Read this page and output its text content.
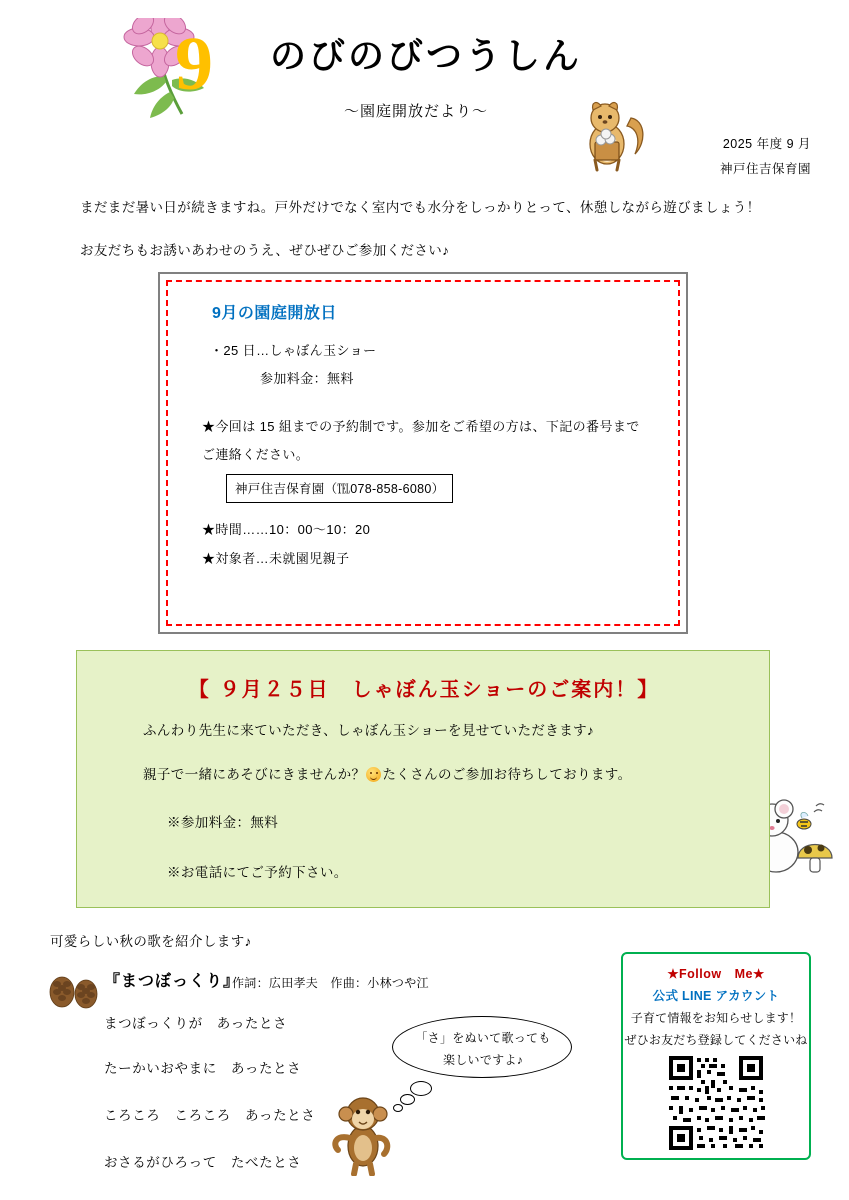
9 のびのびつうしん
〜園庭開放だより〜
2025 年度 9 月
神戸住吉保育園
まだまだ暑い日が続きますね。戸外だけでなく室内でも水分をしっかりとって、休憩しながら遊びましょう！
お友だちもお誘いあわせのうえ、ぜひぜひご参加ください♪
9月の園庭開放日
・25 日…しゃぼん玉ショー
参加料金：無料
★今回は 15 組までの予約制です。参加をご希望の方は、下記の番号まで
ご連絡ください。
神戸住吉保育園（℡078-858-6080）
★時間……10：00〜10：20
★対象者…未就園児親子
【 ９月２５日　しゃぼん玉ショーのご案内！】
ふんわり先生に来ていただき、しゃぼん玉ショーを見せていただきます♪
親子で一緒にあそびにきませんか？ たくさんのご参加お待ちしております。
※参加料金：無料
※お電話にてご予約下さい。
可愛らしい秋の歌を紹介します♪
『まつぼっくり』
作詞：広田孝夫　作曲：小林つや江
まつぼっくりが　あったとさ
たーかいおやまに　あったとさ
ころころ　ころころ　あったとさ
おさるがひろって　たべたとさ
「さ」をぬいて歌っても
楽しいですよ♪
★Follow　Me★
公式 LINE アカウント
子育て情報をお知らせします！
ぜひお友だち登録してくださいね
